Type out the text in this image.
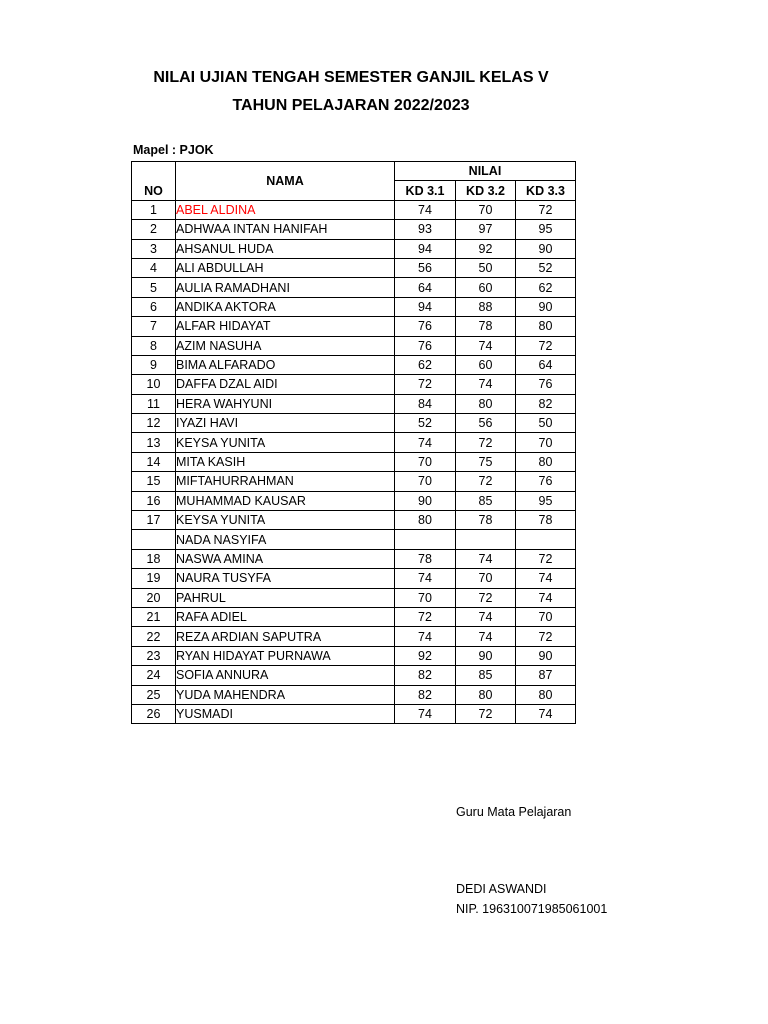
NILAI UJIAN TENGAH SEMESTER GANJIL KELAS V
TAHUN PELAJARAN 2022/2023
Mapel : PJOK
NO	NAMA	NILAI		
		KD 3.1	KD 3.2	KD 3.3
1	ABEL ALDINA	74	70	72
2	ADHWAA INTAN HANIFAH	93	97	95
3	AHSANUL HUDA	94	92	90
4	ALI ABDULLAH	56	50	52
5	AULIA RAMADHANI	64	60	62
6	ANDIKA AKTORA	94	88	90
7	ALFAR HIDAYAT	76	78	80
8	AZIM NASUHA	76	74	72
9	BIMA ALFARADO	62	60	64
10	DAFFA DZAL AIDI	72	74	76
11	HERA WAHYUNI	84	80	82
12	IYAZI HAVI	52	56	50
13	KEYSA YUNITA	74	72	70
14	MITA KASIH	70	75	80
15	MIFTAHURRAHMAN	70	72	76
16	MUHAMMAD KAUSAR	90	85	95
17	KEYSA YUNITA	80	78	78
	NADA NASYIFA			
18	NASWA AMINA	78	74	72
19	NAURA TUSYFA	74	70	74
20	PAHRUL	70	72	74
21	RAFA ADIEL	72	74	70
22	REZA ARDIAN SAPUTRA	74	74	72
23	RYAN HIDAYAT PURNAWA	92	90	90
24	SOFIA ANNURA	82	85	87
25	YUDA MAHENDRA	82	80	80
26	YUSMADI	74	72	74
Guru Mata Pelajaran
DEDI ASWANDI
NIP. 196310071985061001
